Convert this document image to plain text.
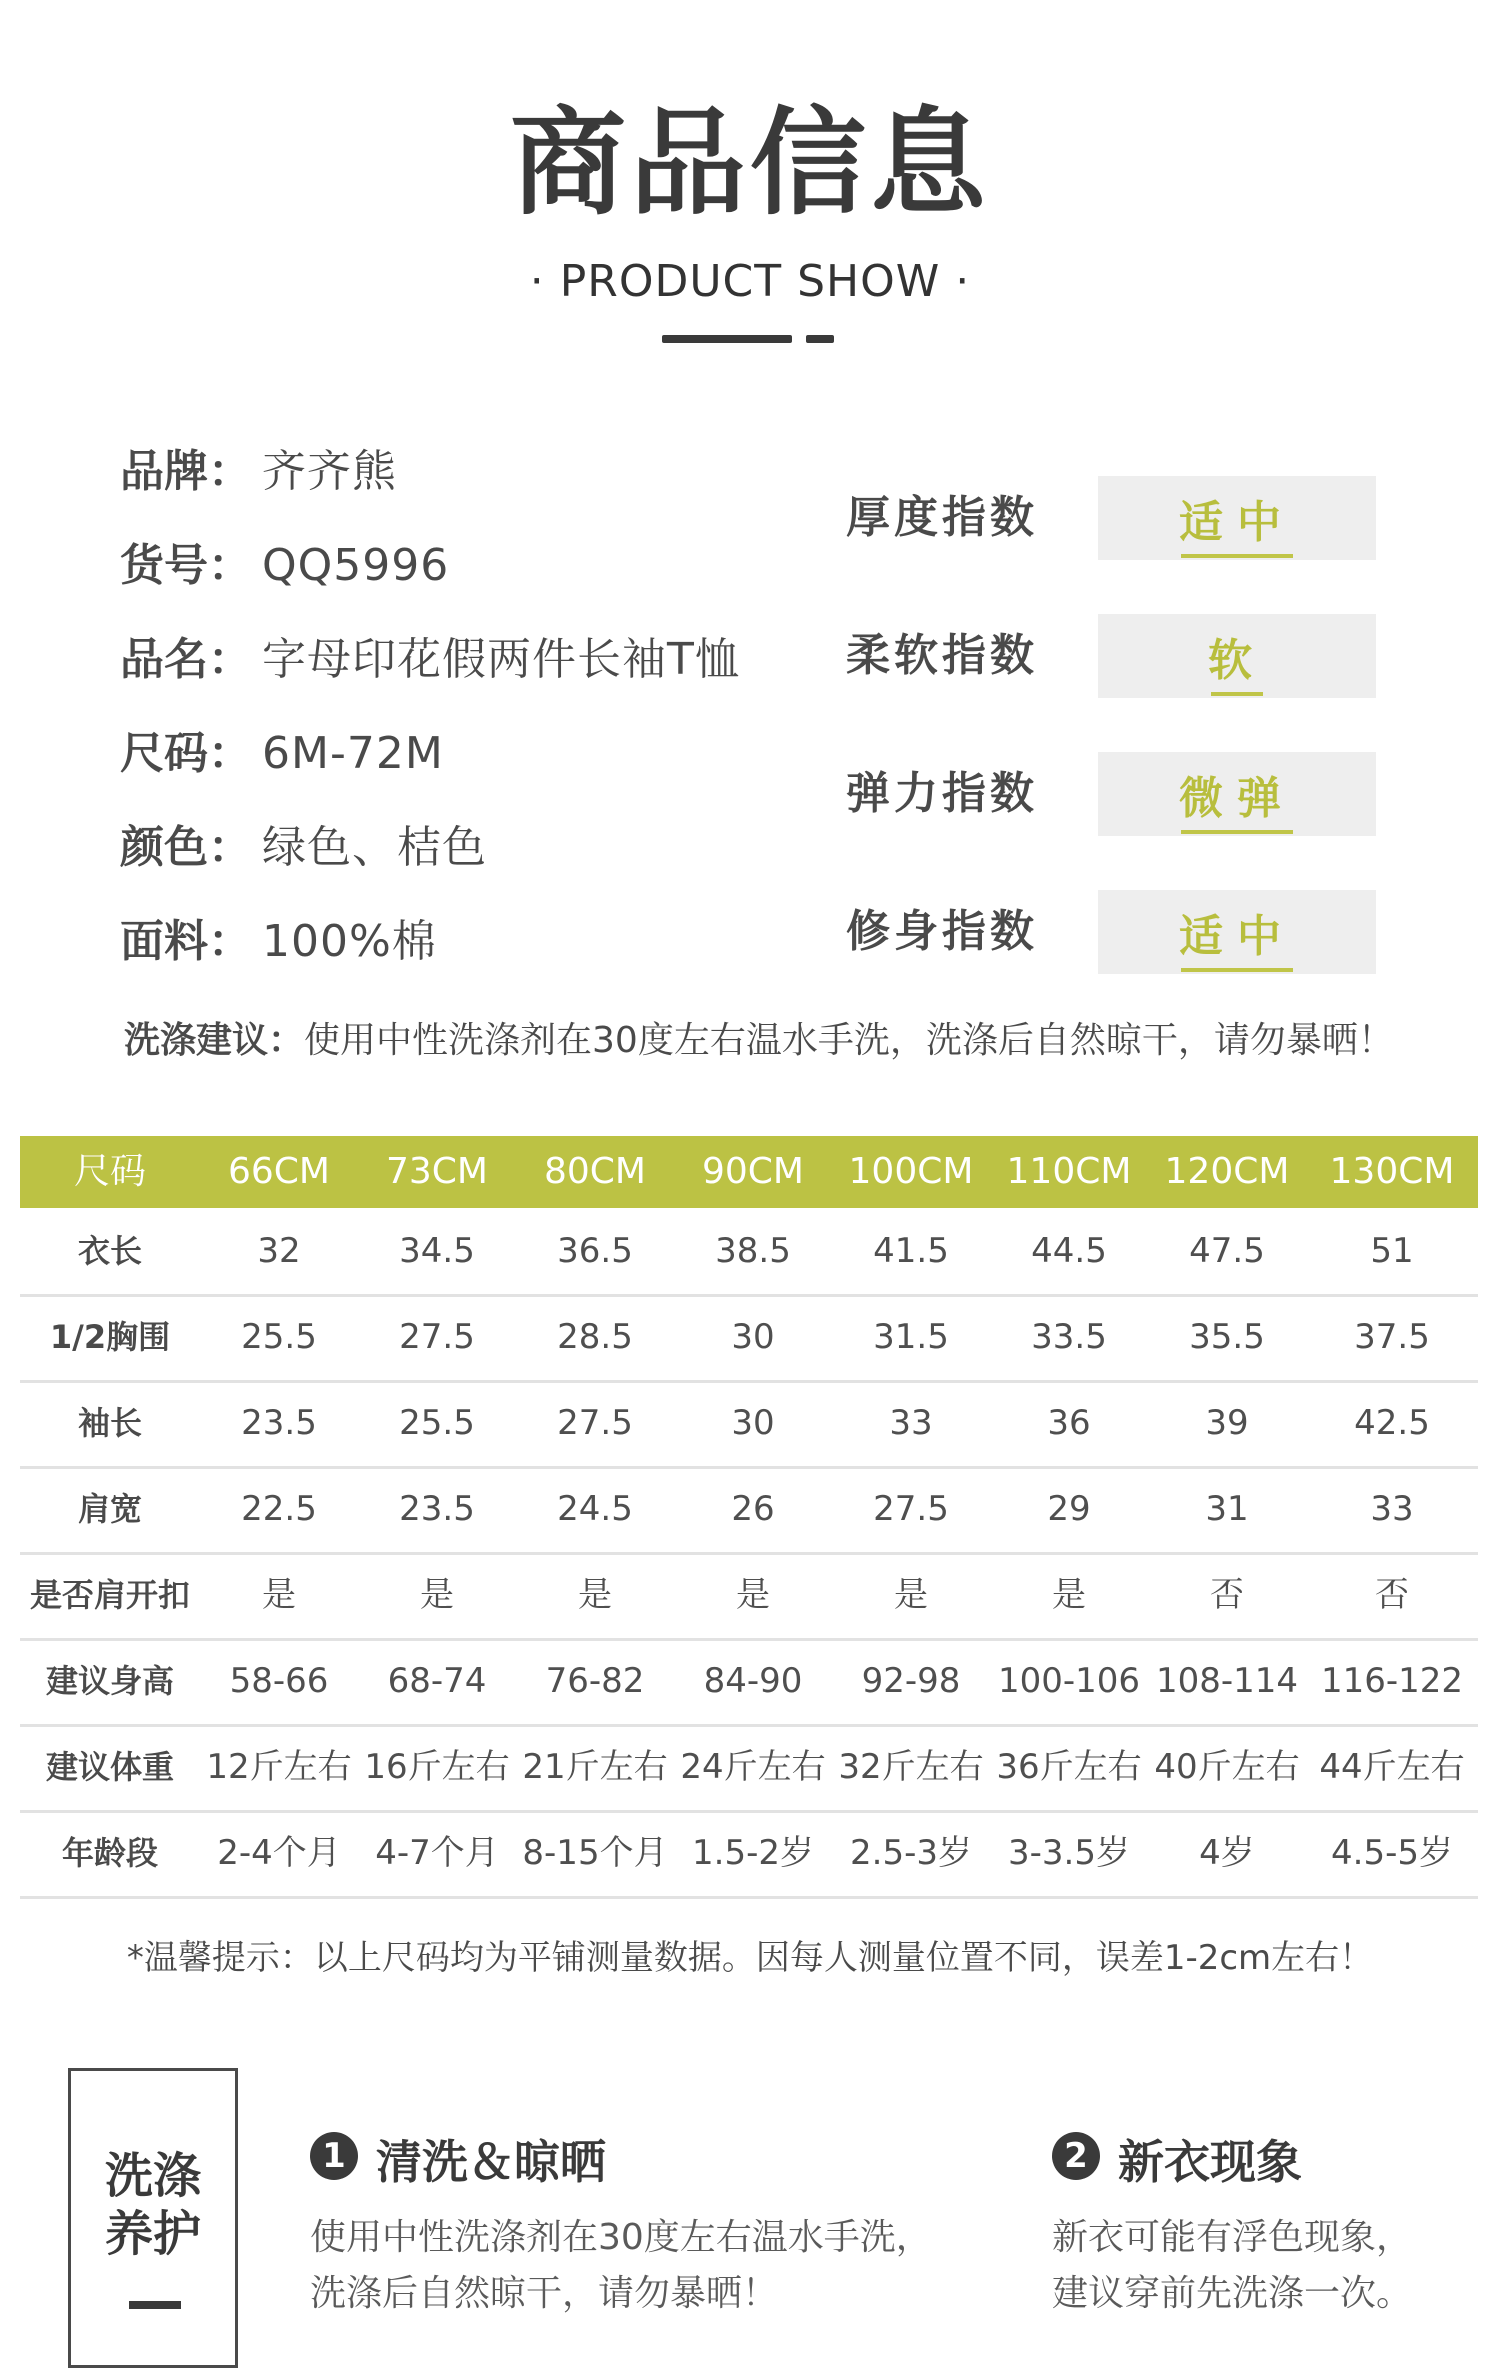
商品信息
· PRODUCT SHOW ·
品牌： 齐齐熊
货号： QQ5996
品名： 字母印花假两件长袖T恤
尺码： 6M-72M
颜色： 绿色、桔色
面料： 100%棉
厚度指数	适中
柔软指数	软
弹力指数	微弹
修身指数	适中
洗涤建议：使用中性洗涤剂在30度左右温水手洗，洗涤后自然晾干，请勿暴晒！
尺码	66CM	73CM	80CM	90CM	100CM 110CM 120CM	130CM
衣长	32	34.5	36.5	38.5	41.5	44.5	47.5	51
1/2胸围	25.5	27.5	28.5	30	31.5	33.5	35.5	37.5
袖长	23.5	25.5	27.5	30	33	36	39	42.5
肩宽	22.5	23.5	24.5	26	27.5	29	31	33
是否肩开扣	是	是	是	是	是	是	否	否
建议身高	58-66	68-74	76-82	84-90	92-98	100-106 108-114 116-122
建议体重 12斤左右 16斤左右 21斤左右 24斤左右 32斤左右 36斤左右 40斤左右 44斤左右
年龄段	2-4个月	4-7个月 8-15个月 1.5-2岁	2.5-3岁	3-3.5岁	4岁	4.5-5岁
*温馨提示：以上尺码均为平铺测量数据。因每人测量位置不同，误差1-2cm左右！
洗涤
养护
1 清洗＆晾晒
使用中性洗涤剂在30度左右温水手洗，
洗涤后自然晾干，请勿暴晒！
2 新衣现象
新衣可能有浮色现象，
建议穿前先洗涤一次。
